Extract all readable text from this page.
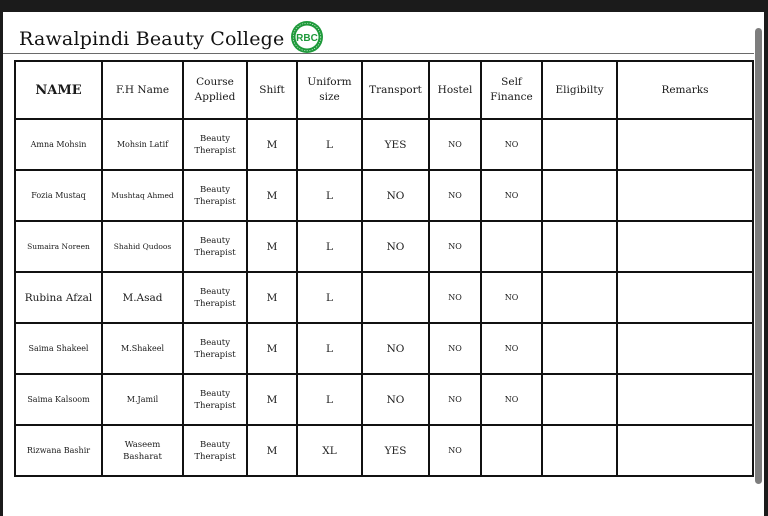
Rawalpindi Beauty College RBC
NAME	F.H Name	Course Applied	Shift	Uniform size	Transport	Hostel	Self Finance	Eligibilty	Remarks
Amna Mohsin	Mohsin Latif	Beauty Therapist	M	L	YES	NO	NO		
Fozia Mustaq	Mushtaq Ahmed	Beauty Therapist	M	L	NO	NO	NO		
Sumaira Noreen	Shahid Qudoos	Beauty Therapist	M	L	NO	NO			
Rubina Afzal	M.Asad	Beauty Therapist	M	L		NO	NO		
Saima Shakeel	M.Shakeel	Beauty Therapist	M	L	NO	NO	NO		
Saima Kalsoom	M.Jamil	Beauty Therapist	M	L	NO	NO	NO		
Rizwana Bashir	Waseem Basharat	Beauty Therapist	M	XL	YES	NO			
